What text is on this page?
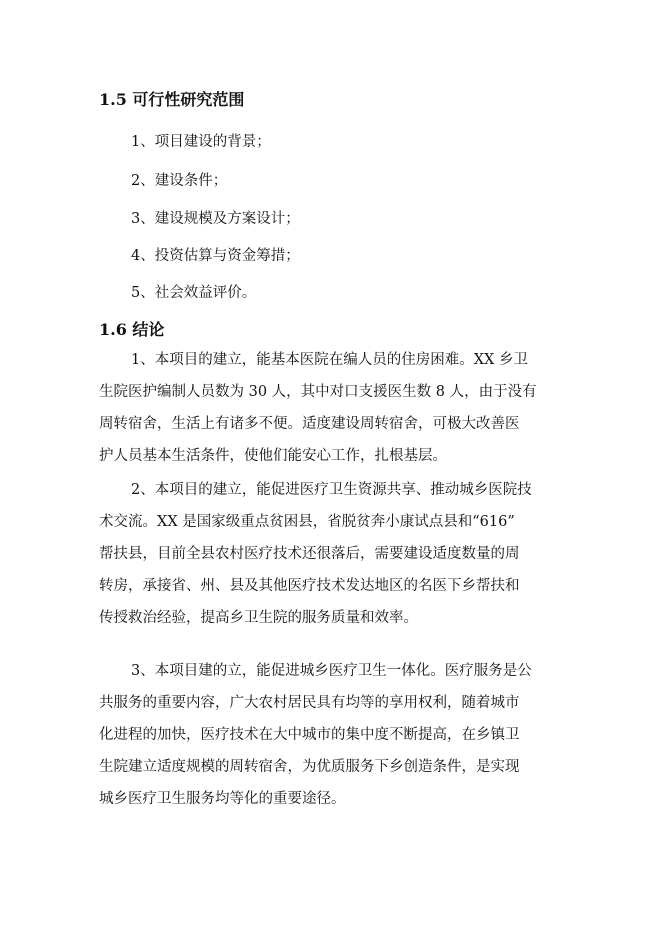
1.5 可行性研究范围
1、项目建设的背景；
2、建设条件；
3、建设规模及方案设计；
4、投资估算与资金筹措；
5、社会效益评价。
1.6 结论
1、本项目的建立，能基本医院在编人员的住房困难。XX 乡卫
生院医护编制人员数为 30 人，其中对口支援医生数 8 人，由于没有
周转宿舍，生活上有诸多不便。适度建设周转宿舍，可极大改善医
护人员基本生活条件，使他们能安心工作，扎根基层。
2、本项目的建立，能促进医疗卫生资源共享、推动城乡医院技
术交流。XX 是国家级重点贫困县，省脱贫奔小康试点县和“616”
帮扶县，目前全县农村医疗技术还很落后，需要建设适度数量的周
转房，承接省、州、县及其他医疗技术发达地区的名医下乡帮扶和
传授救治经验，提高乡卫生院的服务质量和效率。
3、本项目建的立，能促进城乡医疗卫生一体化。医疗服务是公
共服务的重要内容，广大农村居民具有均等的享用权利，随着城市
化进程的加快，医疗技术在大中城市的集中度不断提高，在乡镇卫
生院建立适度规模的周转宿舍，为优质服务下乡创造条件，是实现
城乡医疗卫生服务均等化的重要途径。
